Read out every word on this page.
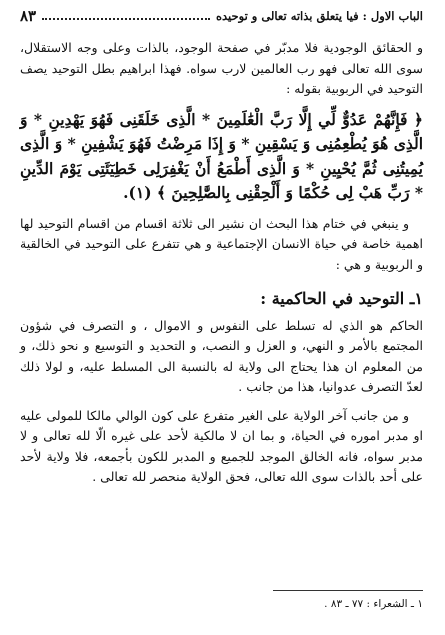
الباب الاول : فيا يتعلق بذاته تعالى و توحيده
٨٣

و الحقائق الوجودية فلا مدبّر في صفحة الوجود، بالذات وعلى وجه الاستقلال، سوى الله تعالى فهو رب العالمين لارب سواه. فهذا ابراهيم بطل التوحيد يصف التوحيد في الربوبية بقوله :

﴿ فَإِنَّهُمْ عَدُوٌّ لِّي إِلَّا رَبَّ الْعَٰلَمِينَ * الَّذِى خَلَقَنِى فَهُوَ يَهْدِينِ * وَ الَّذِى هُوَ يُطْعِمُنِى وَ يَسْقِينِ * وَ إِذَا مَرِضْتُ فَهُوَ يَشْفِينِ * وَ الَّذِى يُمِيتُنِى ثُمَّ يُحْيِينِ * وَ الَّذِى أَطْمَعُ أَنْ يَغْفِرَلِى خَطِيٓئَتِى يَوْمَ الدِّينِ * رَبِّ هَبْ لِى حُكْمًا وَ أَلْحِقْنِى بِالصَّٰلِحِينَ ﴾ (١).

و ينبغي في ختام هذا البحث ان نشير الى ثلاثة اقسام من اقسام التوحيد لها اهمية خاصة في حياة الانسان الإجتماعية و هي تتفرع على التوحيد في الخالقية و الربوبية و هي :

١ـ التوحيد في الحاكمية :

الحاكم هو الذي له تسلط على النفوس و الاموال ، و التصرف في شؤون المجتمع بالأمر و النهي، و العزل و النصب، و التحديد و التوسيع و نحو ذلك، و من المعلوم ان هذا يحتاج الى ولاية له بالنسبة الى المسلط عليه، و لولا ذلك لعدّ التصرف عدوانيا، هذا من جانب .

و من جانب آخر الولاية على الغير متفرع على كون الوالي مالكا للمولى عليه او مدبر اموره في الحياة، و بما ان لا مالكية لأحد على غيره الّا لله تعالى و لا مدبر سواه، فانه الخالق الموجد للجميع و المدبر للكون بأجمعه، فلا ولاية لأحد على أحد بالذات سوى الله تعالى، فحق الولاية منحصر لله تعالى .

١ ـ الشعراء : ٧٧ ـ ٨٣ .
